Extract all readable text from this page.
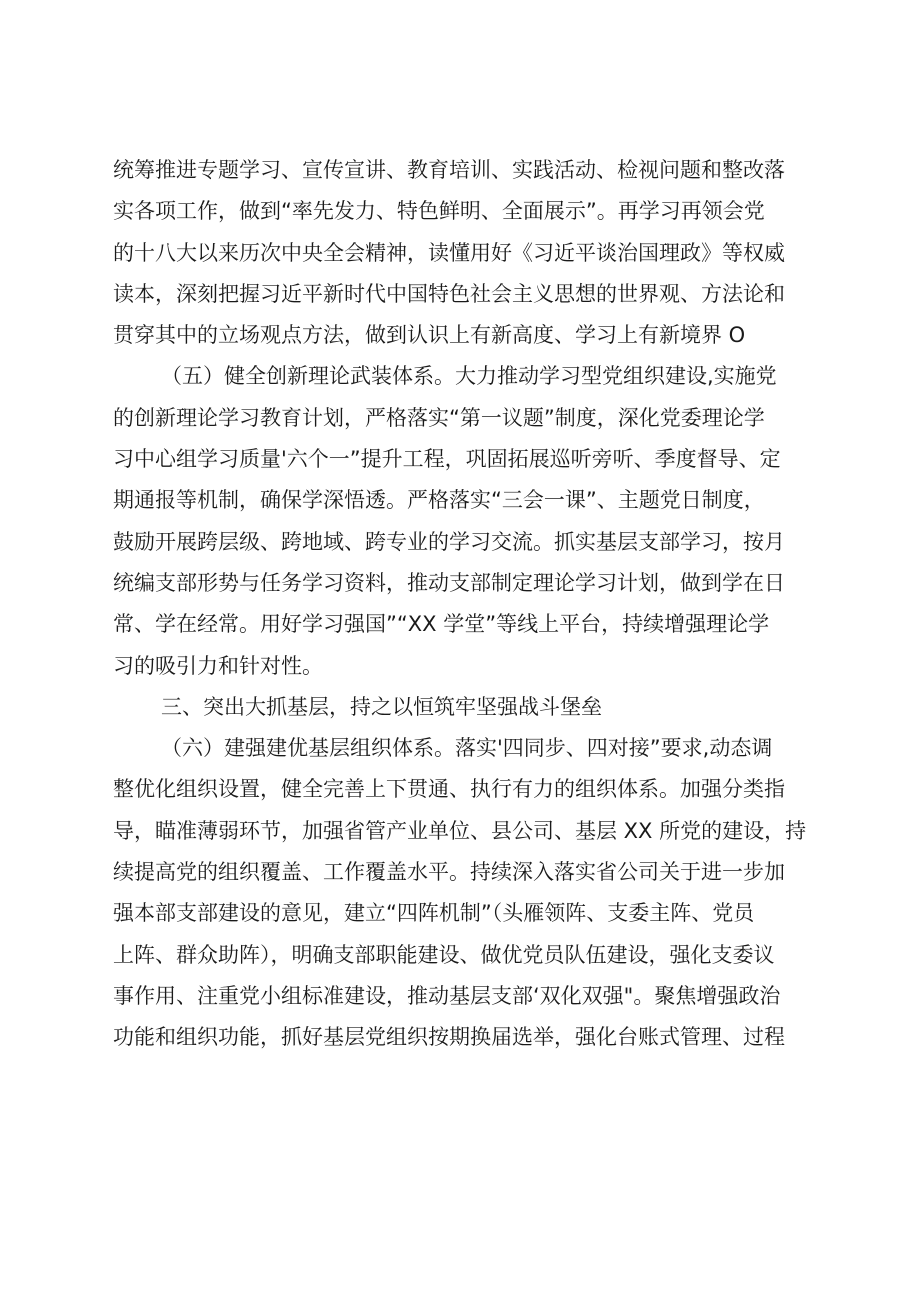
统筹推进专题学习、宣传宣讲、教育培训、实践活动、检视问题和整改落
实各项工作，做到“率先发力、特色鲜明、全面展示”。再学习再领会党
的十八大以来历次中央全会精神，读懂用好《习近平谈治国理政》等权威
读本，深刻把握习近平新时代中国特色社会主义思想的世界观、方法论和
贯穿其中的立场观点方法，做到认识上有新高度、学习上有新境界 O
（五）健全创新理论武装体系。大力推动学习型党组织建设,实施党
的创新理论学习教育计划，严格落实“第一议题”制度，深化党委理论学
习中心组学习质量'六个一”提升工程，巩固拓展巡听旁听、季度督导、定
期通报等机制，确保学深悟透。严格落实“三会一课”、主题党日制度，
鼓励开展跨层级、跨地域、跨专业的学习交流。抓实基层支部学习，按月
统编支部形势与任务学习资料，推动支部制定理论学习计划，做到学在日
常、学在经常。用好学习强国”“XX 学堂”等线上平台，持续增强理论学
习的吸引力和针对性。
三、突出大抓基层，持之以恒筑牢坚强战斗堡垒
（六）建强建优基层组织体系。落实'四同步、四对接”要求,动态调
整优化组织设置，健全完善上下贯通、执行有力的组织体系。加强分类指
导，瞄准薄弱环节，加强省管产业单位、县公司、基层 XX 所党的建设，持
续提高党的组织覆盖、工作覆盖水平。持续深入落实省公司关于进一步加
强本部支部建设的意见，建立“四阵机制”（头雁领阵、支委主阵、党员
上阵、群众助阵），明确支部职能建设、做优党员队伍建设，强化支委议
事作用、注重党小组标准建设，推动基层支部‘双化双强"。聚焦增强政治
功能和组织功能，抓好基层党组织按期换届选举，强化台账式管理、过程
